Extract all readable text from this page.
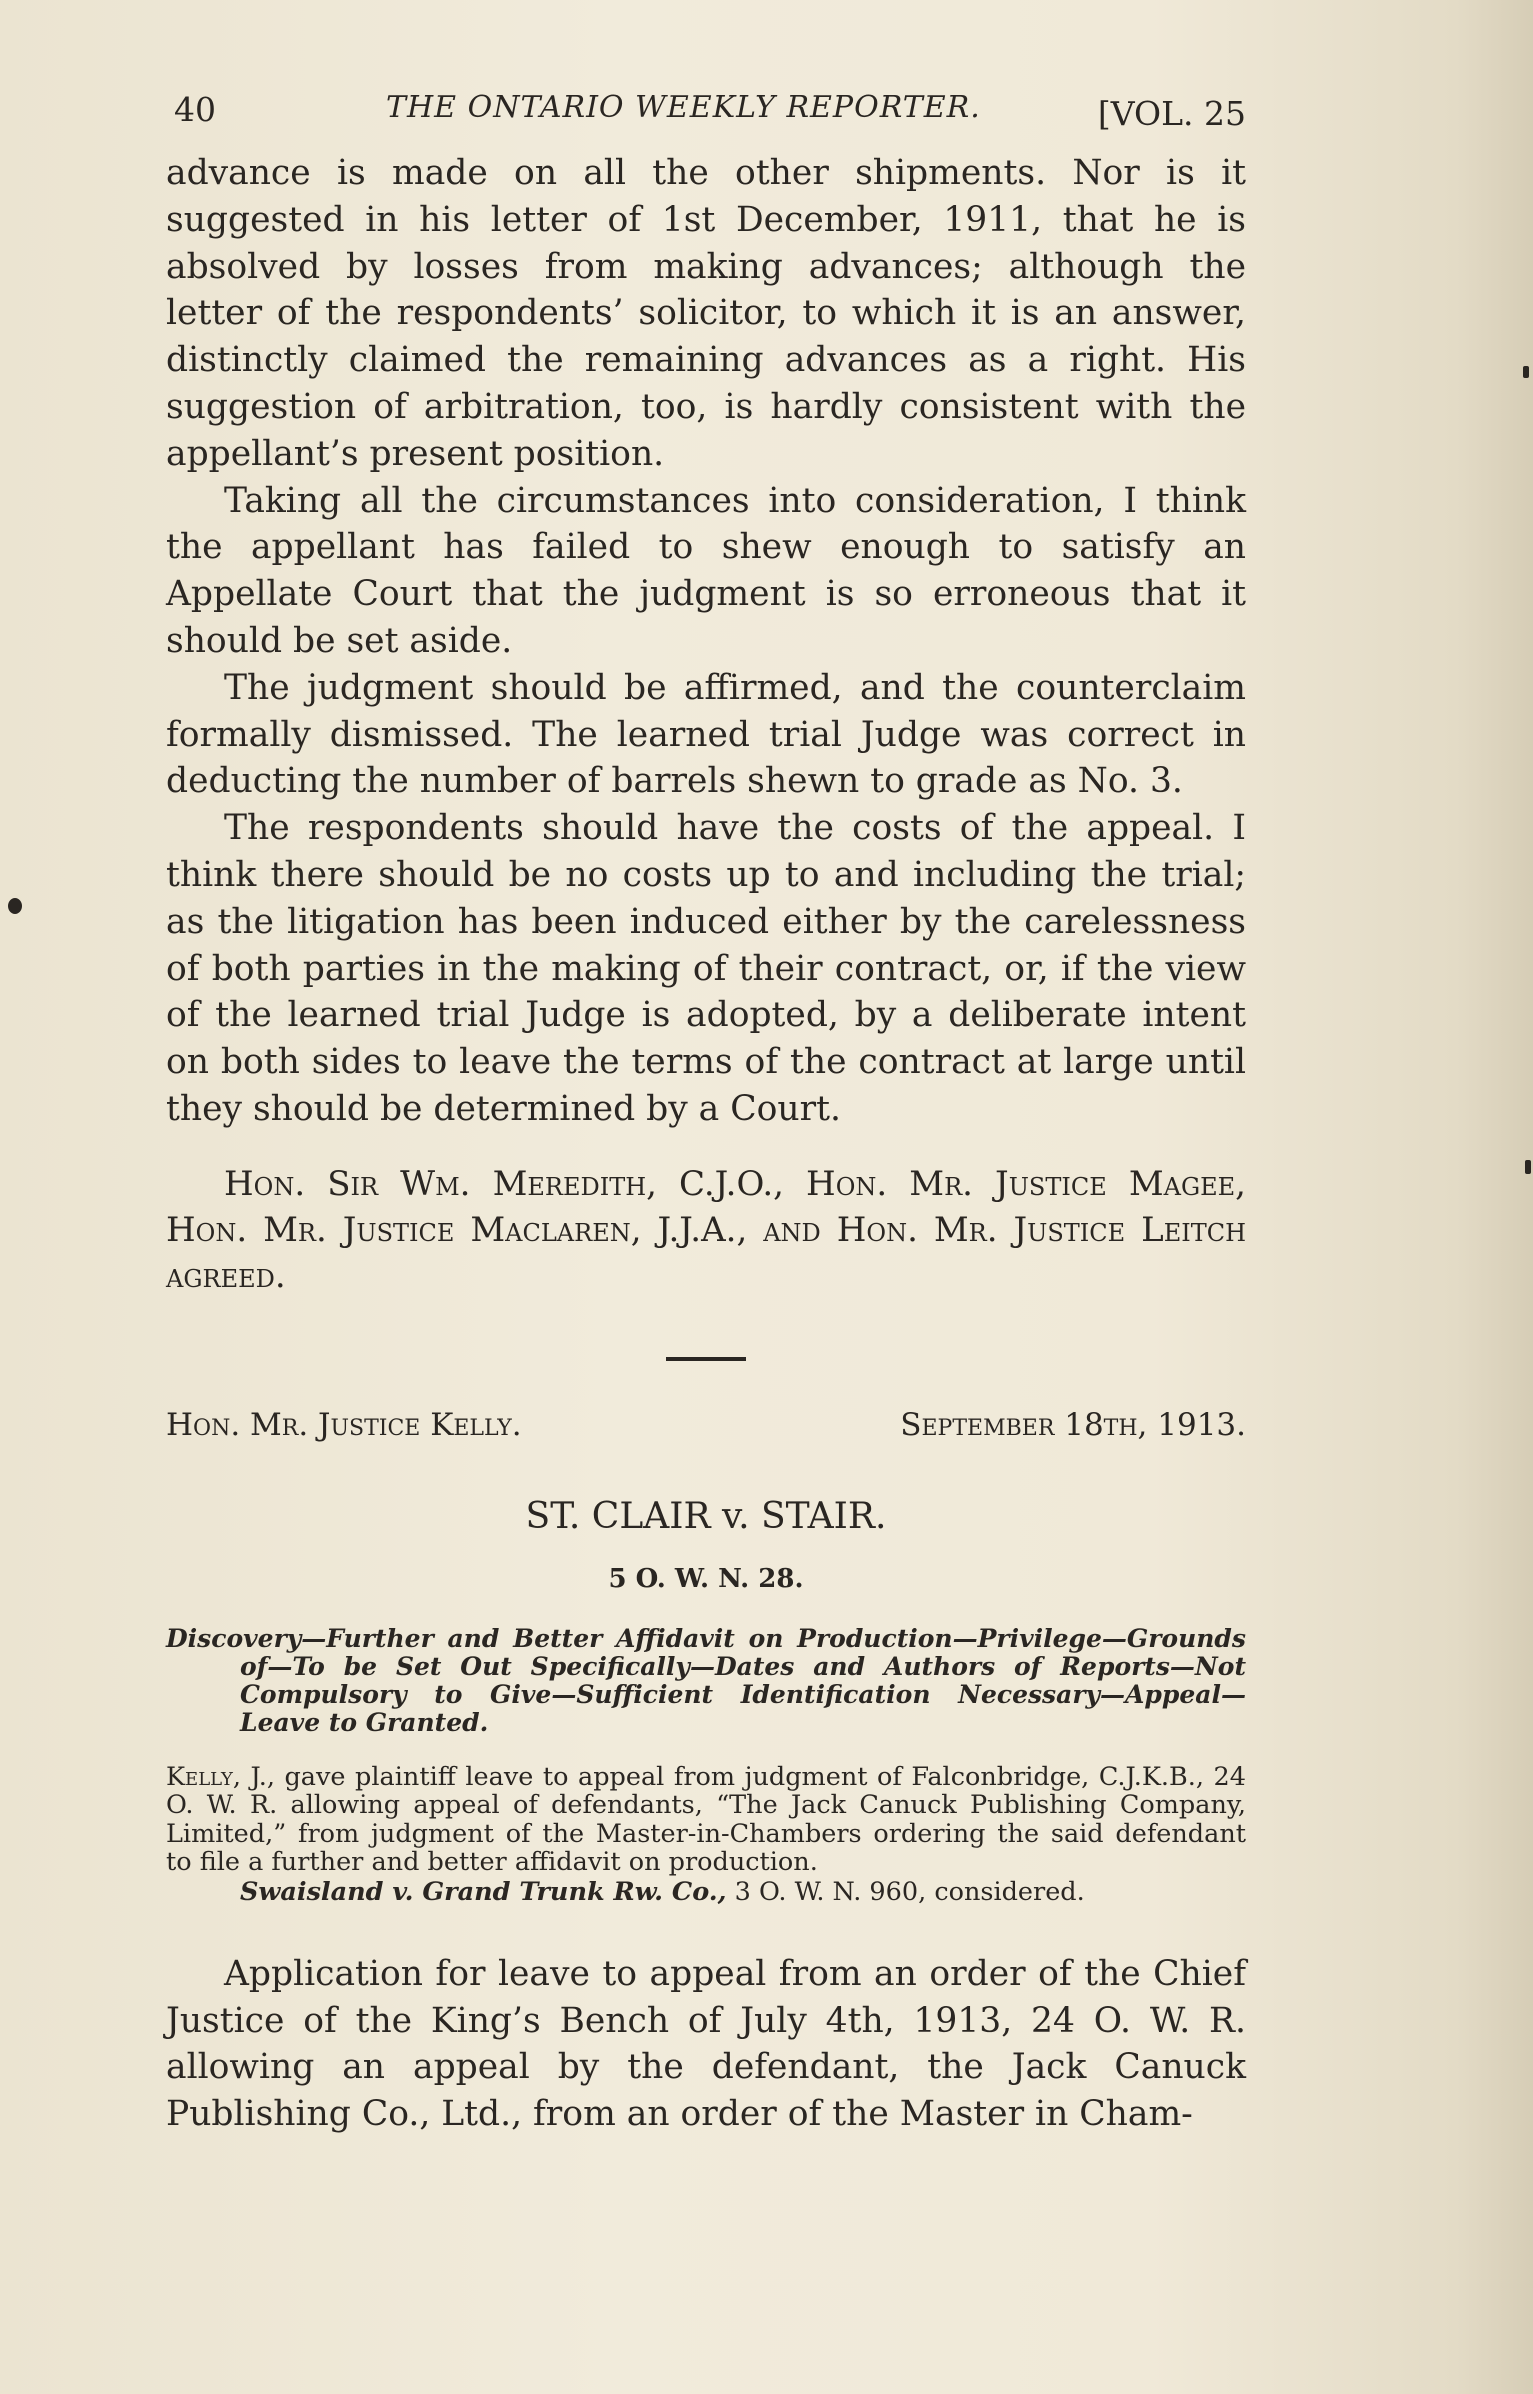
40	THE ONTARIO WEEKLY REPORTER.	[VOL. 25

advance is made on all the other shipments. Nor is it suggested in his letter of 1st December, 1911, that he is absolved by losses from making advances; although the letter of the respondents’ solicitor, to which it is an answer, distinctly claimed the remaining advances as a right. His suggestion of arbitration, too, is hardly consistent with the appellant’s present position.

Taking all the circumstances into consideration, I think the appellant has failed to shew enough to satisfy an Appellate Court that the judgment is so erroneous that it should be set aside.

The judgment should be affirmed, and the counterclaim formally dismissed. The learned trial Judge was correct in deducting the number of barrels shewn to grade as No. 3.

The respondents should have the costs of the appeal. I think there should be no costs up to and including the trial; as the litigation has been induced either by the carelessness of both parties in the making of their contract, or, if the view of the learned trial Judge is adopted, by a deliberate intent on both sides to leave the terms of the contract at large until they should be determined by a Court.

Hon. Sir Wm. Meredith, C.J.O., Hon. Mr. Justice Magee, Hon. Mr. Justice Maclaren, J.J.A., and Hon. Mr. Justice Leitch agreed.

Hon. Mr. Justice Kelly.	September 18th, 1913.
ST. CLAIR v. STAIR.
5 O. W. N. 28.

Discovery—Further and Better Affidavit on Production—Privilege—Grounds of—To be Set Out Specifically—Dates and Authors of Reports—Not Compulsory to Give—Sufficient Identification Necessary—Appeal—Leave to Granted.

Kelly, J., gave plaintiff leave to appeal from judgment of Falconbridge, C.J.K.B., 24 O. W. R. allowing appeal of defendants, “The Jack Canuck Publishing Company, Limited,” from judgment of the Master-in-Chambers ordering the said defendant to file a further and better affidavit on production.

Swaisland v. Grand Trunk Rw. Co., 3 O. W. N. 960, considered.

Application for leave to appeal from an order of the Chief Justice of the King’s Bench of July 4th, 1913, 24 O. W. R. allowing an appeal by the defendant, the Jack Canuck Publishing Co., Ltd., from an order of the Master in Cham-
